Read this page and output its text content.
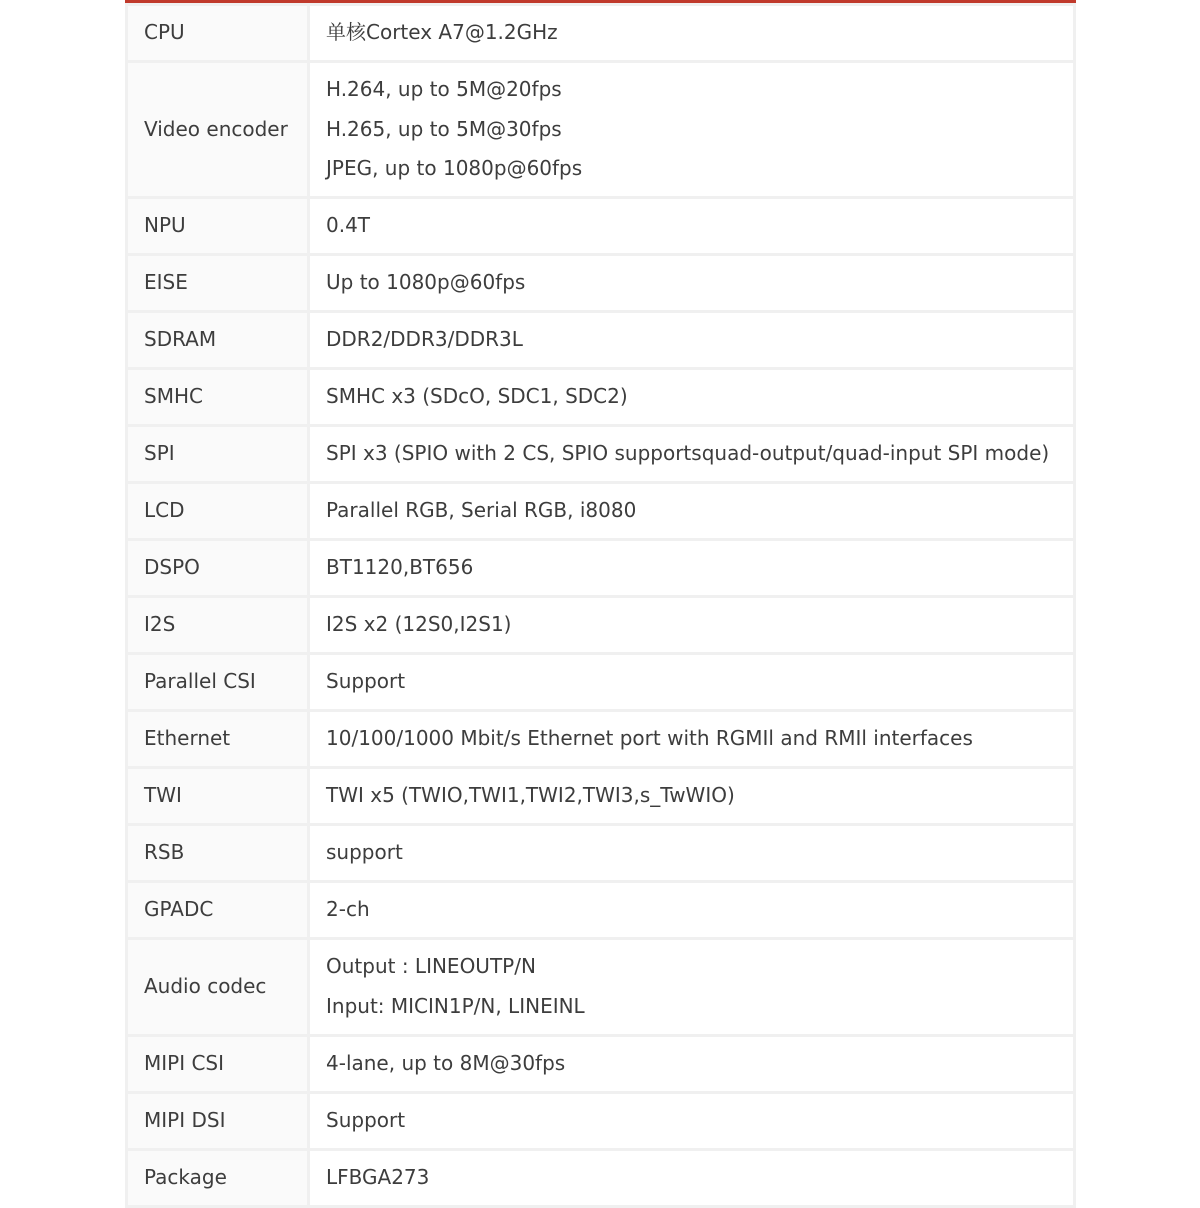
CPU	单核Cortex A7@1.2GHz

Video encoder	H.264, up to 5M@20fps
H.265, up to 5M@30fps
JPEG, up to 1080p@60fps

NPU	0.4T

EISE	Up to 1080p@60fps

SDRAM	DDR2/DDR3/DDR3L

SMHC	SMHC x3 (SDcO, SDC1, SDC2)

SPI	SPI x3 (SPIO with 2 CS, SPIO supportsquad-output/quad-input SPI mode)

LCD	Parallel RGB, Serial RGB, i8080

DSPO	BT1120,BT656

I2S	I2S x2 (12S0,I2S1)

Parallel CSI	Support

Ethernet	10/100/1000 Mbit/s Ethernet port with RGMIl and RMIl interfaces

TWI	TWI x5 (TWIO,TWI1,TWI2,TWI3,s_TwWIO)

RSB	support

GPADC	2-ch

Audio codec	Output : LINEOUTP/N
Input: MICIN1P/N, LINEINL

MIPI CSI	4-lane, up to 8M@30fps

MIPI DSI	Support

Package	LFBGA273
